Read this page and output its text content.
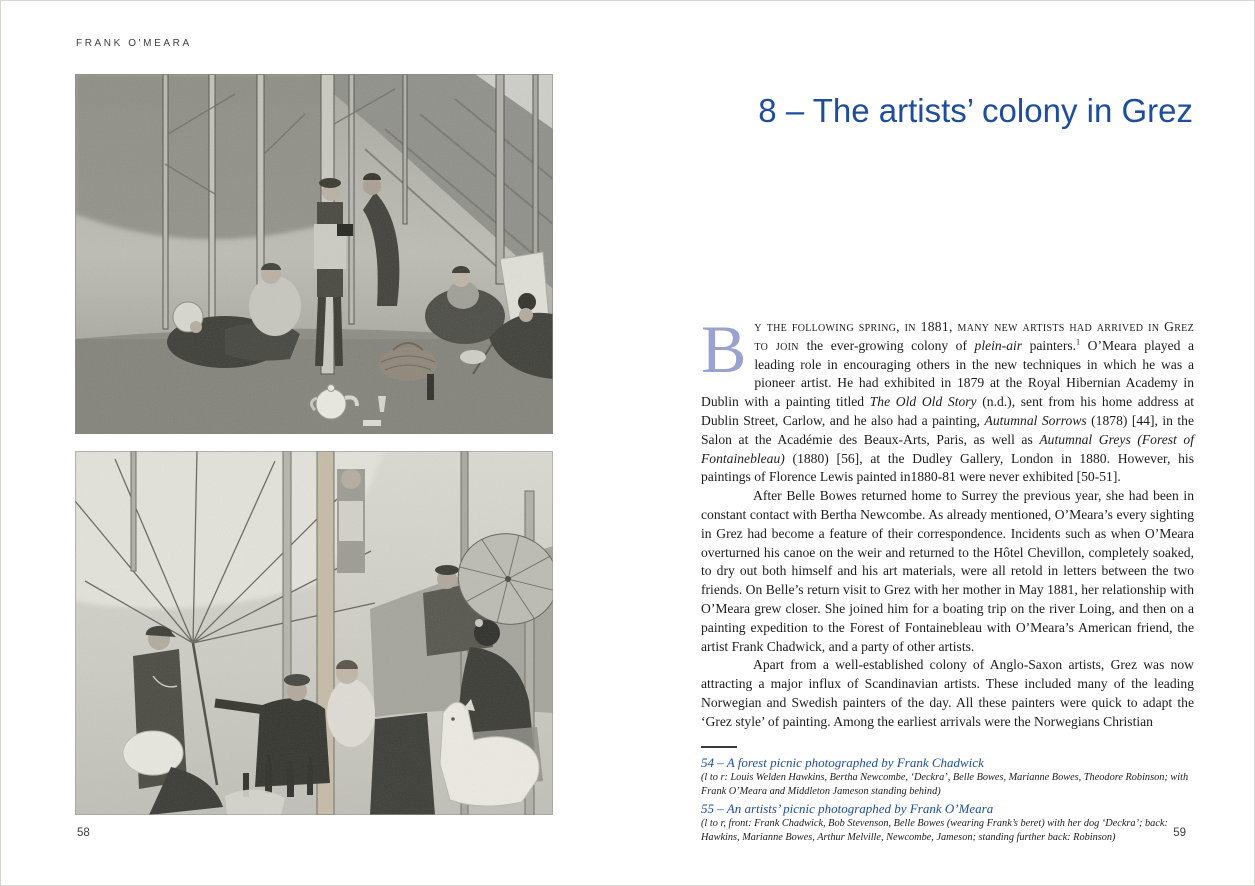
FRANK O'MEARA
58
8 – The artists’ colony in Grez

By the following spring, in 1881, many new artists had arrived in Grez to join the ever-growing colony of plein-air painters.$^1$ O’Meara played a leading role in encouraging others in the new techniques in which he was a pioneer artist. He had exhibited in 1879 at the Royal Hibernian Academy in Dublin with a painting titled The Old Old Story (n.d.), sent from his home address at Dublin Street, Carlow, and he also had a painting, Autumnal Sorrows (1878) [44], in the Salon at the Académie des Beaux-Arts, Paris, as well as Autumnal Greys (Forest of Fontainebleau) (1880) [56], at the Dudley Gallery, London in 1880. However, his paintings of Florence Lewis painted in1880-81 were never exhibited [50-51].

After Belle Bowes returned home to Surrey the previous year, she had been in constant contact with Bertha Newcombe. As already mentioned, O’Meara’s every sighting in Grez had become a feature of their correspondence. Incidents such as when O’Meara overturned his canoe on the weir and returned to the Hôtel Chevillon, completely soaked, to dry out both himself and his art materials, were all retold in letters between the two friends. On Belle’s return visit to Grez with her mother in May 1881, her relationship with O’Meara grew closer. She joined him for a boating trip on the river Loing, and then on a painting expedition to the Forest of Fontainebleau with O’Meara’s American friend, the artist Frank Chadwick, and a party of other artists.

Apart from a well-established colony of Anglo-Saxon artists, Grez was now attracting a major influx of Scandinavian artists. These included many of the leading Norwegian and Swedish painters of the day. All these painters were quick to adapt the ‘Grez style’ of painting. Among the earliest arrivals were the Norwegians Christian

54 – A forest picnic photographed by Frank Chadwick
(l to r: Louis Welden Hawkins, Bertha Newcombe, ‘Deckra’, Belle Bowes, Marianne Bowes, Theodore Robinson; with Frank O’Meara and Middleton Jameson standing behind)
55 – An artists’ picnic photographed by Frank O’Meara
(l to r, front: Frank Chadwick, Bob Stevenson, Belle Bowes (wearing Frank’s beret) with her dog ‘Deckra’; back: Hawkins, Marianne Bowes, Arthur Melville, Newcombe, Jameson; standing further back: Robinson)	59
